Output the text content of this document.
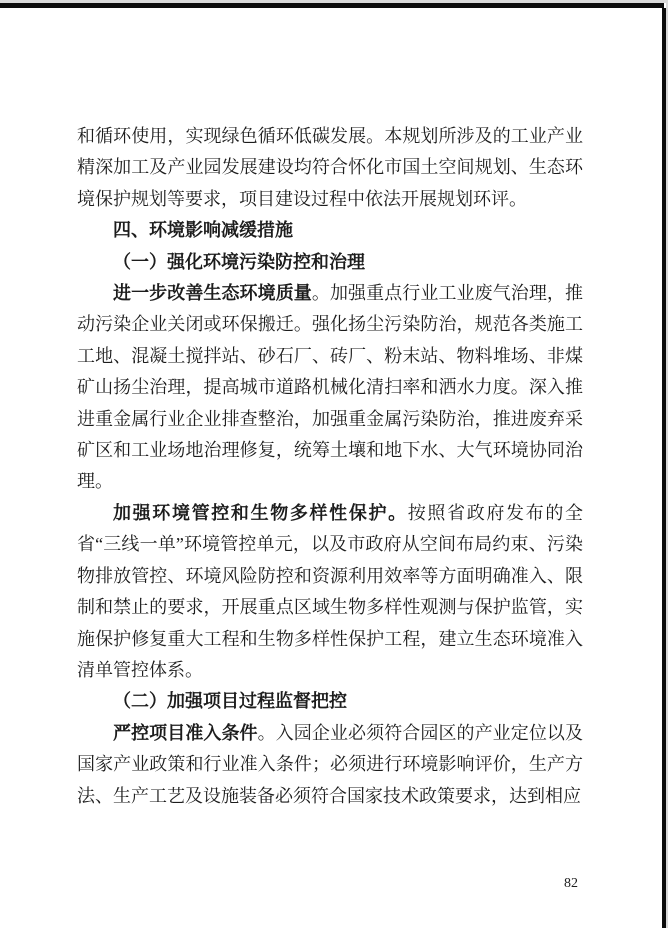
和循环使用，实现绿色循环低碳发展。本规划所涉及的工业产业精深加工及产业园发展建设均符合怀化市国土空间规划、生态环境保护规划等要求，项目建设过程中依法开展规划环评。

四、环境影响减缓措施

（一）强化环境污染防控和治理

进一步改善生态环境质量。加强重点行业工业废气治理，推动污染企业关闭或环保搬迁。强化扬尘污染防治，规范各类施工工地、混凝土搅拌站、砂石厂、砖厂、粉末站、物料堆场、非煤矿山扬尘治理，提高城市道路机械化清扫率和洒水力度。深入推进重金属行业企业排查整治，加强重金属污染防治，推进废弃采矿区和工业场地治理修复，统筹土壤和地下水、大气环境协同治理。

加强环境管控和生物多样性保护。按照省政府发布的全省“三线一单”环境管控单元，以及市政府从空间布局约束、污染物排放管控、环境风险防控和资源利用效率等方面明确准入、限制和禁止的要求，开展重点区域生物多样性观测与保护监管，实施保护修复重大工程和生物多样性保护工程，建立生态环境准入清单管控体系。

（二）加强项目过程监督把控

严控项目准入条件。入园企业必须符合园区的产业定位以及国家产业政策和行业准入条件；必须进行环境影响评价，生产方法、生产工艺及设施装备必须符合国家技术政策要求，达到相应

82
